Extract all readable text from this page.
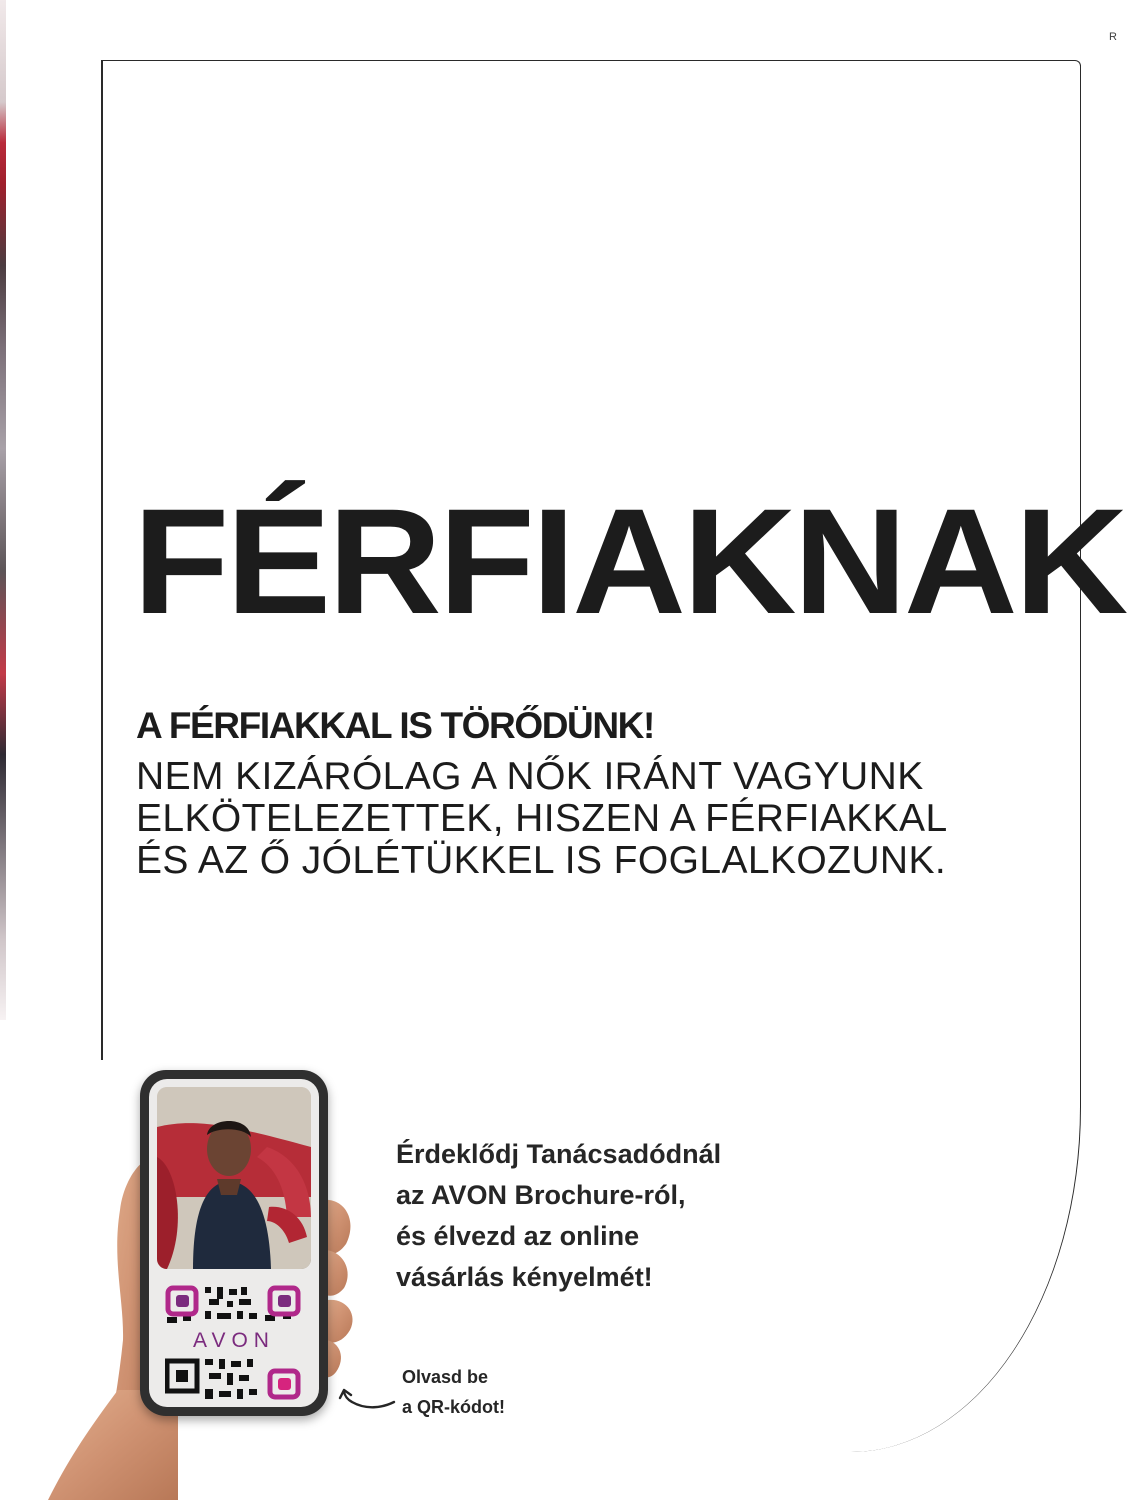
R
FÉRFIAKNAK
A FÉRFIAKKAL IS TÖRŐDÜNK!
NEM KIZÁRÓLAG A NŐK IRÁNT VAGYUNK
ELKÖTELEZETTEK, HISZEN A FÉRFIAKKAL
ÉS AZ Ő JÓLÉTÜKKEL IS FOGLALKOZUNK.
AVON
Érdeklődj Tanácsadódnál
az AVON Brochure-ról,
és élvezd az online
vásárlás kényelmét!
Olvasd be
a QR-kódot!
